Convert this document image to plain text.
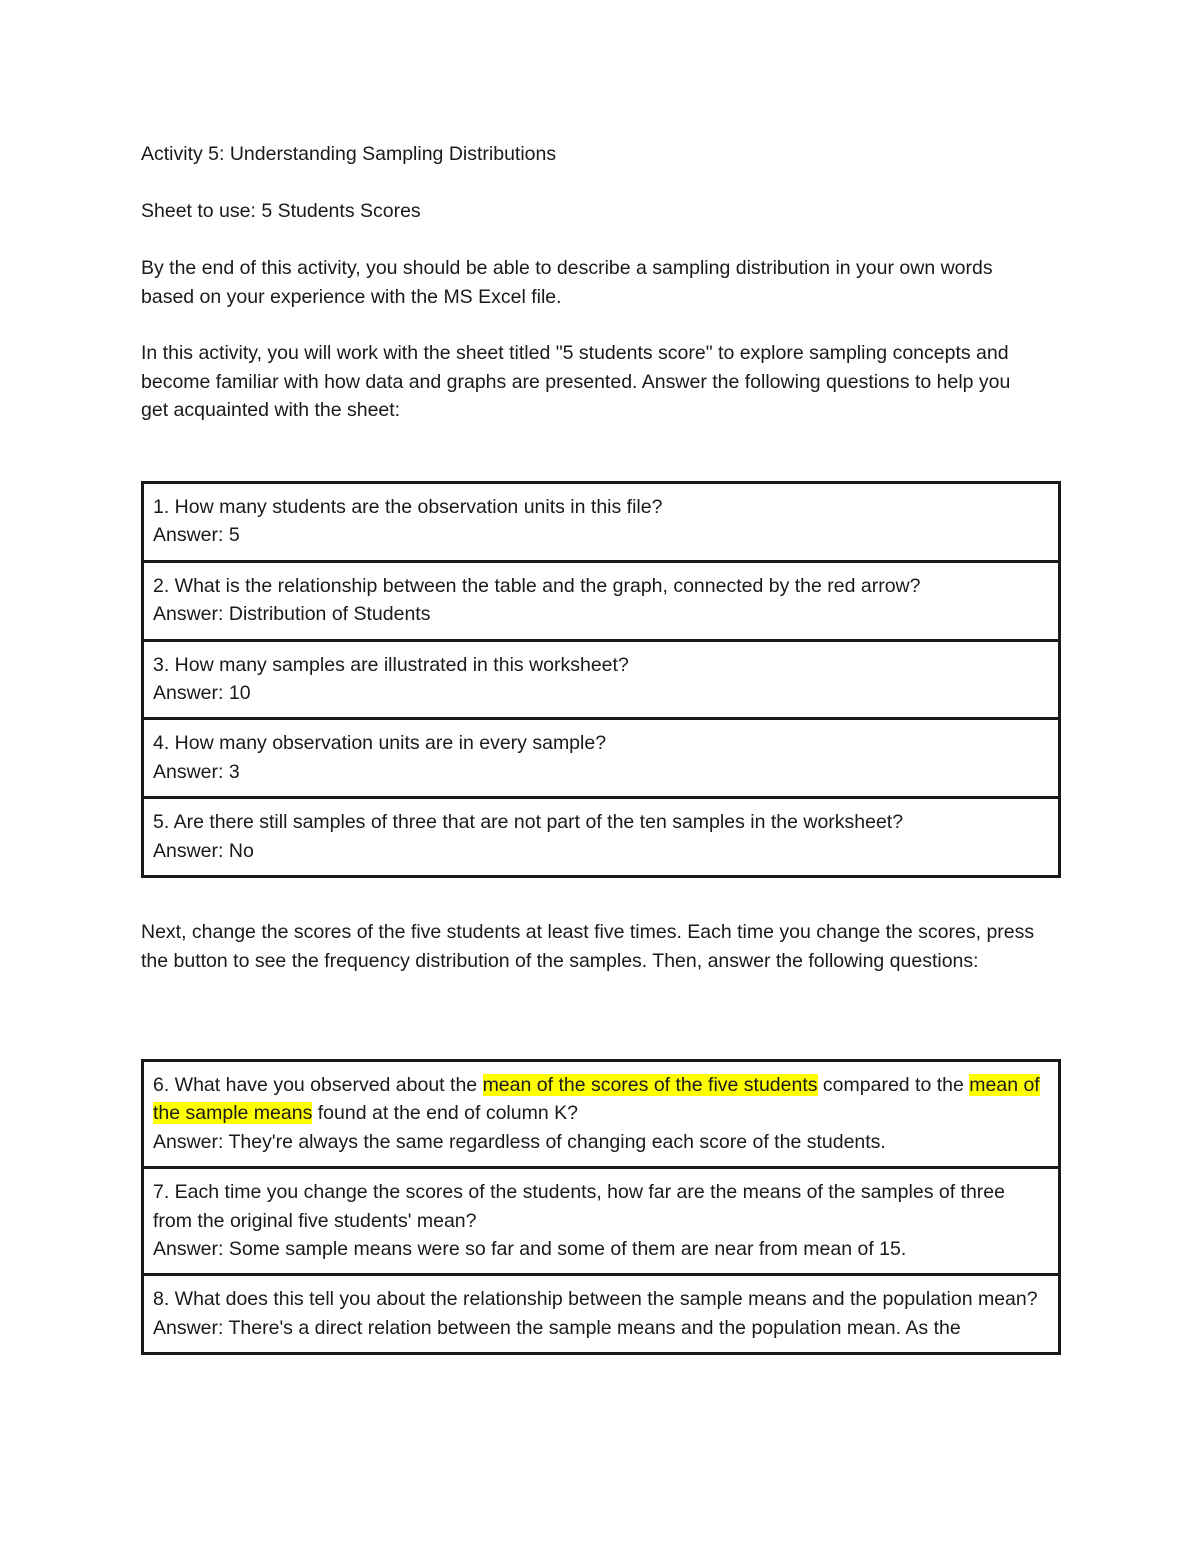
Activity 5: Understanding Sampling Distributions

Sheet to use: 5 Students Scores

By the end of this activity, you should be able to describe a sampling distribution in your own words based on your experience with the MS Excel file.

In this activity, you will work with the sheet titled "5 students score" to explore sampling concepts and become familiar with how data and graphs are presented. Answer the following questions to help you get acquainted with the sheet:

1. How many students are the observation units in this file?
Answer: 5

2. What is the relationship between the table and the graph, connected by the red arrow?
Answer: Distribution of Students

3. How many samples are illustrated in this worksheet?
Answer: 10

4. How many observation units are in every sample?
Answer: 3

5. Are there still samples of three that are not part of the ten samples in the worksheet?
Answer: No

Next, change the scores of the five students at least five times. Each time you change the scores, press the button to see the frequency distribution of the samples. Then, answer the following questions:

6. What have you observed about the mean of the scores of the five students compared to the mean of the sample means found at the end of column K?
Answer: They're always the same regardless of changing each score of the students.

7. Each time you change the scores of the students, how far are the means of the samples of three from the original five students' mean?
Answer: Some sample means were so far and some of them are near from mean of 15.

8. What does this tell you about the relationship between the sample means and the population mean?
Answer: There's a direct relation between the sample means and the population mean. As the
